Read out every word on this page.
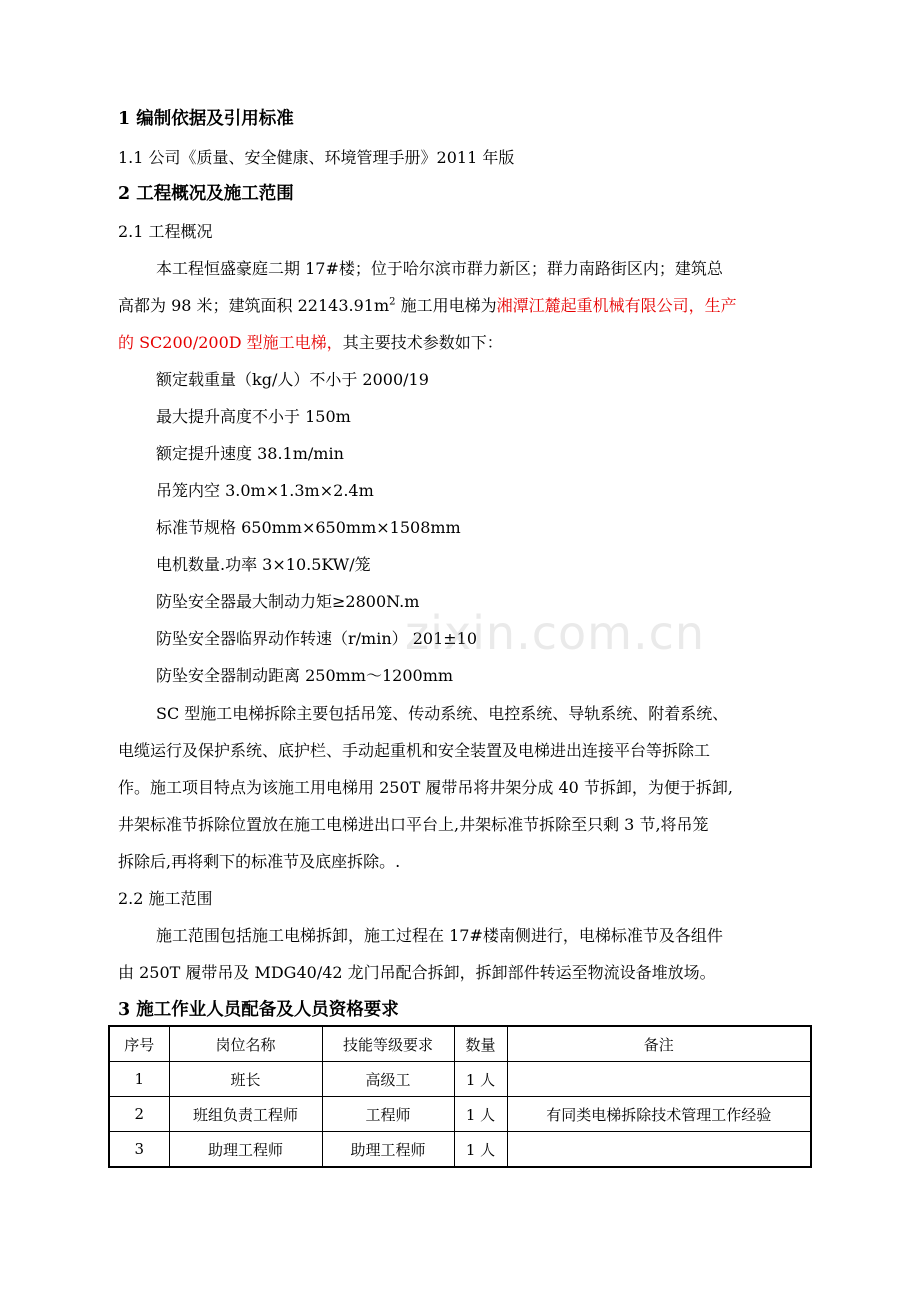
1 编制依据及引用标准
1.1 公司《质量、安全健康、环境管理手册》2011 年版
2 工程概况及施工范围
2.1 工程概况
本工程恒盛豪庭二期 17#楼；位于哈尔滨市群力新区；群力南路街区内；建筑总
高都为 98 米；建筑面积 $22143.91m^2$ 施工用电梯为湘潭江麓起重机械有限公司，生产
的 SC200/200D 型施工电梯，其主要技术参数如下：
额定载重量（kg/人）不小于 2000/19
最大提升高度不小于 150m
额定提升速度 38.1m/min
吊笼内空 3.0m×1.3m×2.4m
标准节规格 650mm×650mm×1508mm
电机数量.功率 3×10.5KW/笼
防坠安全器最大制动力矩≥2800N.m
防坠安全器临界动作转速（r/min） 201±10
防坠安全器制动距离 250mm～1200mm
SC 型施工电梯拆除主要包括吊笼、传动系统、电控系统、导轨系统、附着系统、
电缆运行及保护系统、底护栏、手动起重机和安全装置及电梯进出连接平台等拆除工
作。施工项目特点为该施工用电梯用 250T 履带吊将井架分成 40 节拆卸，为便于拆卸,
井架标准节拆除位置放在施工电梯进出口平台上,井架标准节拆除至只剩 3 节,将吊笼
拆除后,再将剩下的标准节及底座拆除。.
2.2 施工范围
施工范围包括施工电梯拆卸，施工过程在 17#楼南侧进行，电梯标准节及各组件
由 250T 履带吊及 MDG40/42 龙门吊配合拆卸，拆卸部件转运至物流设备堆放场。
3 施工作业人员配备及人员资格要求
序号	岗位名称	技能等级要求	数量	备注
1	班长	高级工	1 人	
2	班组负责工程师	工程师	1 人	有同类电梯拆除技术管理工作经验
3	助理工程师	助理工程师	1 人	
zixin.com.cn
